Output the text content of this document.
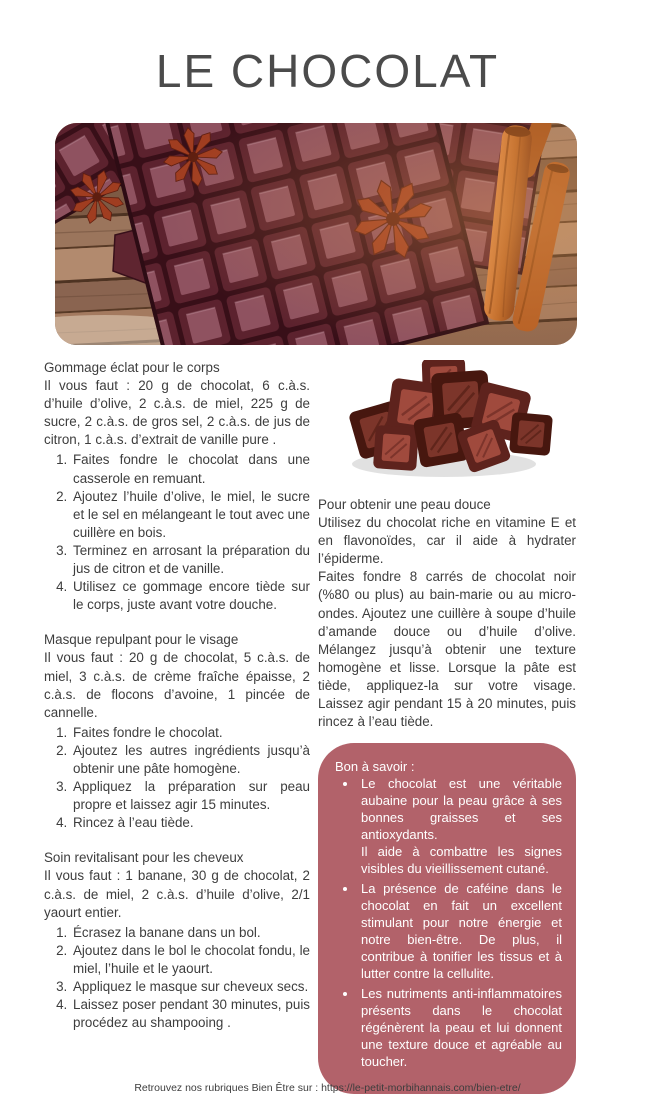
LE CHOCOLAT
Gommage éclat pour le corps

Il vous faut : 20 g de chocolat, 6 c.à.s. d’huile d’olive, 2 c.à.s. de miel, 225 g de sucre, 2 c.à.s. de gros sel, 2 c.à.s. de jus de citron, 1 c.à.s. d’extrait de vanille pure .

1. Faites fondre le chocolat dans une casserole en remuant.
2. Ajoutez l’huile d’olive, le miel, le sucre et le sel en mélangeant le tout avec une cuillère en bois.
3. Terminez en arrosant la préparation du jus de citron et de vanille.
4. Utilisez ce gommage encore tiède sur le corps, juste avant votre douche.
Masque repulpant pour le visage

Il vous faut : 20 g de chocolat, 5 c.à.s. de miel, 3 c.à.s. de crème fraîche épaisse, 2 c.à.s. de flocons d’avoine, 1 pincée de cannelle.

1. Faites fondre le chocolat.
2. Ajoutez les autres ingrédients jusqu’à obtenir une pâte homogène.
3. Appliquez la préparation sur peau propre et laissez agir 15 minutes.
4. Rincez à l’eau tiède.
Soin revitalisant pour les cheveux

Il vous faut : 1 banane, 30 g de chocolat, 2 c.à.s. de miel, 2 c.à.s. d’huile d’olive, 2/1 yaourt entier.

1. Écrasez la banane dans un bol.
2. Ajoutez dans le bol le chocolat fondu, le miel, l’huile et le yaourt.
3. Appliquez le masque sur cheveux secs.
4. Laissez poser pendant 30 minutes, puis procédez au shampooing .
Pour obtenir une peau douce

Utilisez du chocolat riche en vitamine E et en flavonoïdes, car il aide à hydrater l’épiderme.

Faites fondre 8 carrés de chocolat noir (%80 ou plus) au bain-marie ou au micro-ondes. Ajoutez une cuillère à soupe d’huile d’amande douce ou d’huile d’olive. Mélangez jusqu’à obtenir une texture homogène et lisse. Lorsque la pâte est tiède, appliquez-la sur votre visage. Laissez agir pendant 15 à 20 minutes, puis rincez à l’eau tiède.

Bon à savoir :

• Le chocolat est une véritable aubaine pour la peau grâce à ses bonnes graisses et ses antioxydants.
Il aide à combattre les signes visibles du vieillissement cutané.
• La présence de caféine dans le chocolat en fait un excellent stimulant pour notre énergie et notre bien-être. De plus, il contribue à tonifier les tissus et à lutter contre la cellulite.
• Les nutriments anti-inflammatoires présents dans le chocolat régénèrent la peau et lui donnent une texture douce et agréable au toucher.
Retrouvez nos rubriques Bien Être sur : https://le-petit-morbihannais.com/bien-etre/
